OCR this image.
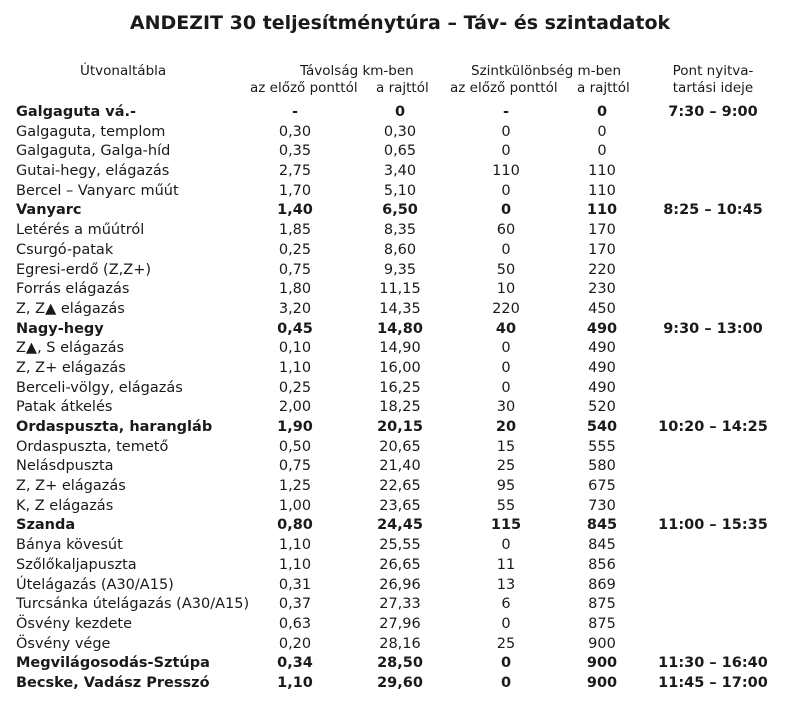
ANDEZIT 30 teljesítménytúra – Táv- és szintadatok
Útvonaltábla	Távolság km-ben	Szintkülönbség m-ben	Pont nyitva-
az előző ponttól a rajttól az előző ponttól a rajttól	tartási ideje
Galgaguta vá.-	-	0	-	0	7:30 – 9:00
Galgaguta, templom	0,30	0,30	0	0
Galgaguta, Galga-híd	0,35	0,65	0	0
Gutai-hegy, elágazás	2,75	3,40	110	110
Bercel – Vanyarc műút	1,70	5,10	0	110
Vanyarc	1,40	6,50	0	110	8:25 – 10:45
Letérés a műútról	1,85	8,35	60	170
Csurgó-patak	0,25	8,60	0	170
Egresi-erdő (Z,Z+)	0,75	9,35	50	220
Forrás elágazás	1,80	11,15	10	230
Z, Z▲ elágazás	3,20	14,35	220	450
Nagy-hegy	0,45	14,80	40	490	9:30 – 13:00
Z▲, S elágazás	0,10	14,90	0	490
Z, Z+ elágazás	1,10	16,00	0	490
Berceli-völgy, elágazás	0,25	16,25	0	490
Patak átkelés	2,00	18,25	30	520
Ordaspuszta, harangláb	1,90	20,15	20	540	10:20 – 14:25
Ordaspuszta, temető	0,50	20,65	15	555
Nelásdpuszta	0,75	21,40	25	580
Z, Z+ elágazás	1,25	22,65	95	675
K, Z elágazás	1,00	23,65	55	730
Szanda	0,80	24,45	115	845	11:00 – 15:35
Bánya kövesút	1,10	25,55	0	845
Szőlőkaljapuszta	1,10	26,65	11	856
Útelágazás (A30/A15)	0,31	26,96	13	869
Turcsánka útelágazás (A30/A15)	0,37	27,33	6	875
Ösvény kezdete	0,63	27,96	0	875
Ösvény vége	0,20	28,16	25	900
Megvilágosodás-Sztúpa	0,34	28,50	0	900	11:30 – 16:40
Becske, Vadász Presszó	1,10	29,60	0	900	11:45 – 17:00
